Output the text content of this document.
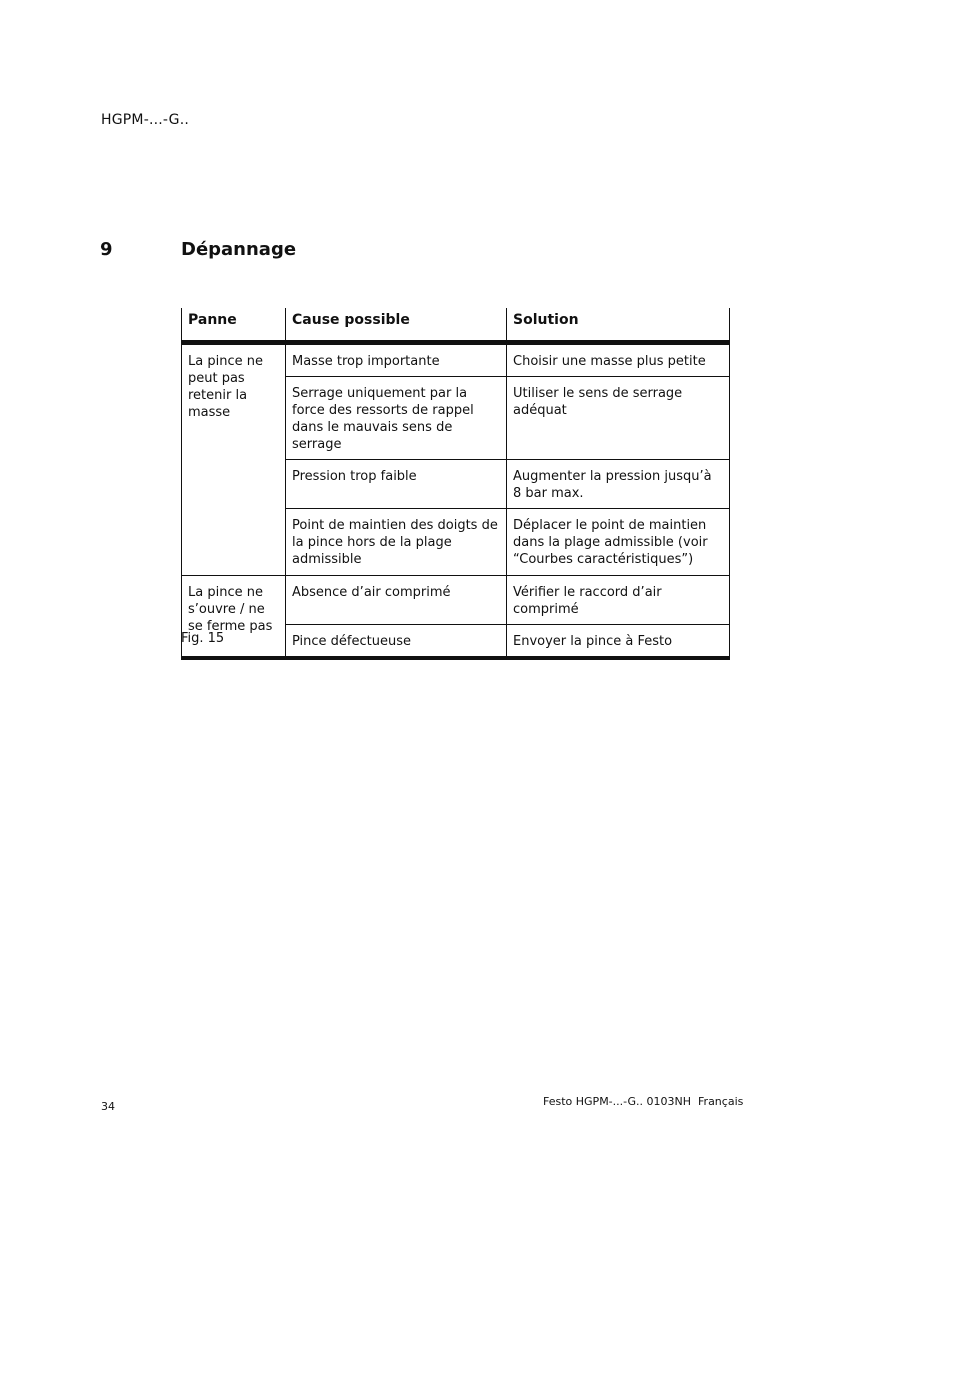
HGPM-...-G..
9	Dépannage
Panne	Cause possible	Solution
La pince ne peut pas retenir la masse	Masse trop importante	Choisir une masse plus petite
	Serrage uniquement par la force des ressorts de rappel dans le mauvais sens de serrage	Utiliser le sens de serrage adéquat
	Pression trop faible	Augmenter la pression jusqu’à 8 bar max.
	Point de maintien des doigts de la pince hors de la plage admissible	Déplacer le point de maintien dans la plage admissible (voir “Courbes caractéristiques”)
La pince ne s’ouvre / ne se ferme pas	Absence d’air comprimé	Vérifier le raccord d’air comprimé
	Pince défectueuse	Envoyer la pince à Festo
Fig. 15
34	Festo HGPM-...-G.. 0103NH  Français
